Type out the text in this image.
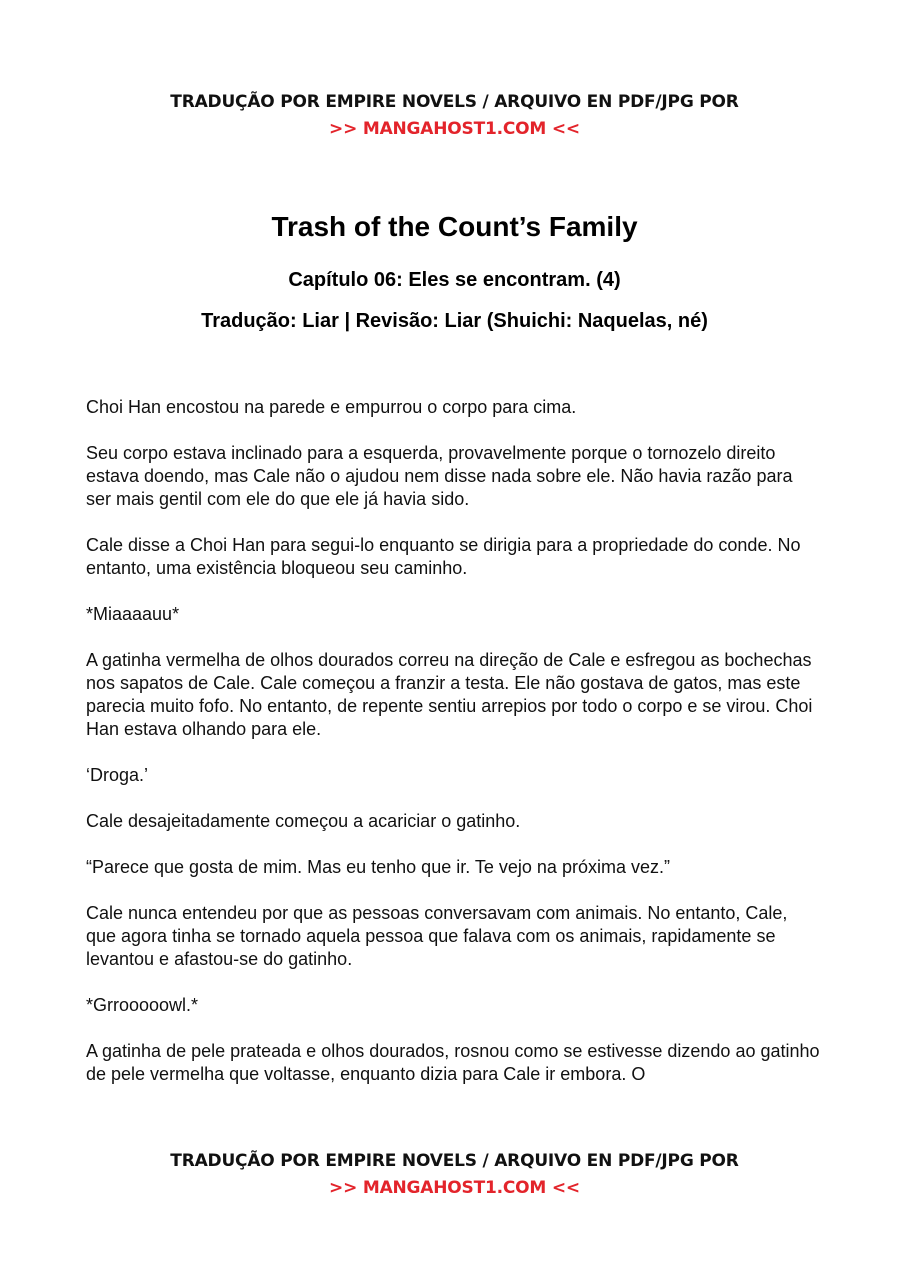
TRADUÇÃO POR EMPIRE NOVELS / ARQUIVO EN PDF/JPG POR
>> MANGAHOST1.COM <<
Trash of the Count’s Family
Capítulo 06: Eles se encontram. (4)
Tradução: Liar | Revisão: Liar (Shuichi: Naquelas, né)

Choi Han encostou na parede e empurrou o corpo para cima.

Seu corpo estava inclinado para a esquerda, provavelmente porque o tornozelo direito estava doendo, mas Cale não o ajudou nem disse nada sobre ele. Não havia razão para ser mais gentil com ele do que ele já havia sido.

Cale disse a Choi Han para segui-lo enquanto se dirigia para a propriedade do conde. No entanto, uma existência bloqueou seu caminho.

*Miaaaauu*

A gatinha vermelha de olhos dourados correu na direção de Cale e esfregou as bochechas nos sapatos de Cale. Cale começou a franzir a testa. Ele não gostava de gatos, mas este parecia muito fofo. No entanto, de repente sentiu arrepios por todo o corpo e se virou. Choi Han estava olhando para ele.

‘Droga.’

Cale desajeitadamente começou a acariciar o gatinho.

“Parece que gosta de mim. Mas eu tenho que ir. Te vejo na próxima vez.”

Cale nunca entendeu por que as pessoas conversavam com animais. No entanto, Cale, que agora tinha se tornado aquela pessoa que falava com os animais, rapidamente se levantou e afastou-se do gatinho.

*Grrooooowl.*

A gatinha de pele prateada e olhos dourados, rosnou como se estivesse dizendo ao gatinho de pele vermelha que voltasse, enquanto dizia para Cale ir embora. O

TRADUÇÃO POR EMPIRE NOVELS / ARQUIVO EN PDF/JPG POR
>> MANGAHOST1.COM <<
